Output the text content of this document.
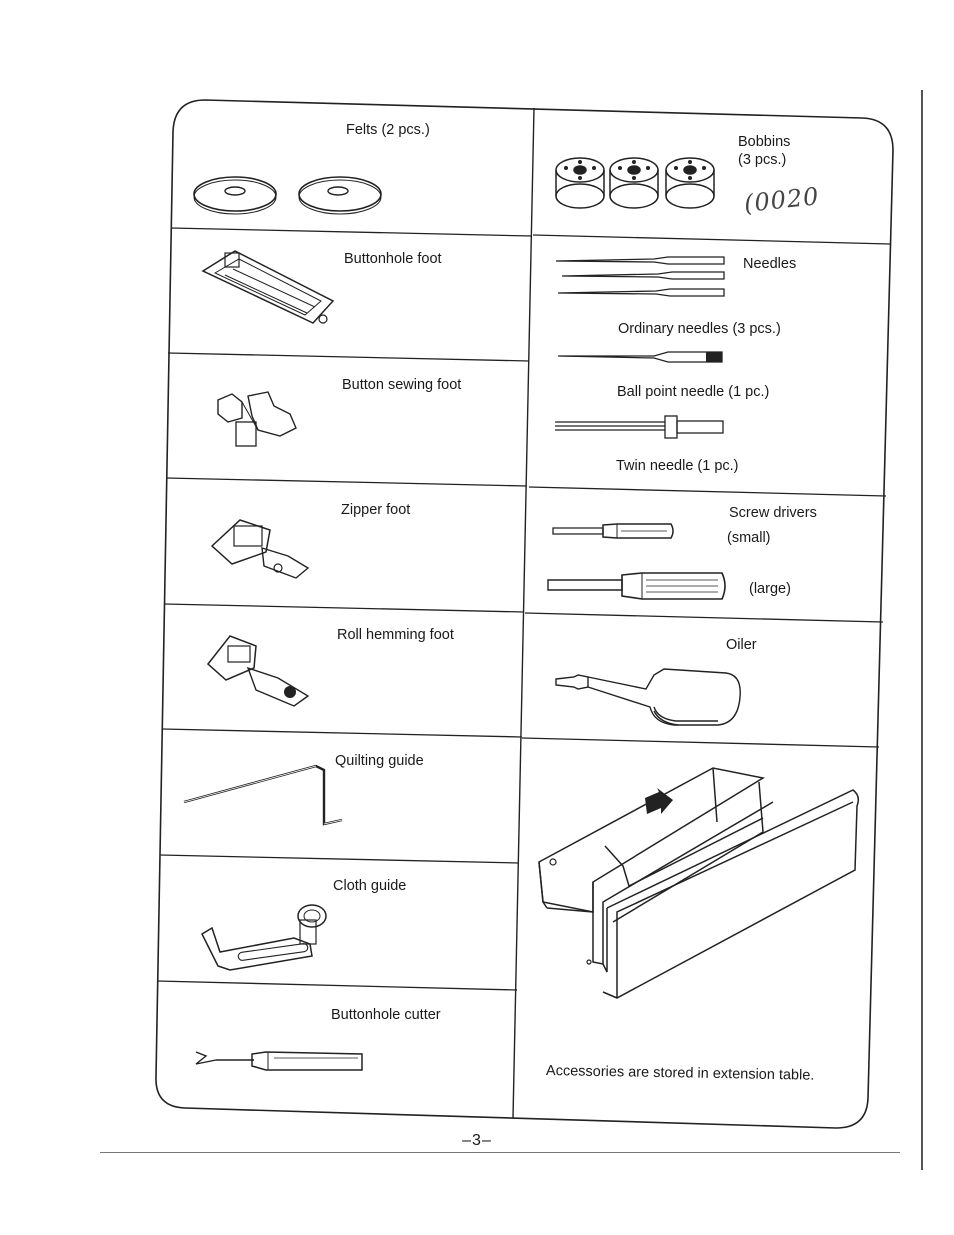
Felts (2 pcs.)
Buttonhole foot
Button sewing foot
Zipper foot
Roll hemming foot
Quilting guide
Cloth guide
Buttonhole cutter
Bobbins
(3 pcs.)
(0020
Needles
Ordinary needles (3 pcs.)
Ball point needle (1 pc.)
Twin needle (1 pc.)
Screw drivers
(small)
(large)
Oiler
Accessories are stored in extension table.
–3–
